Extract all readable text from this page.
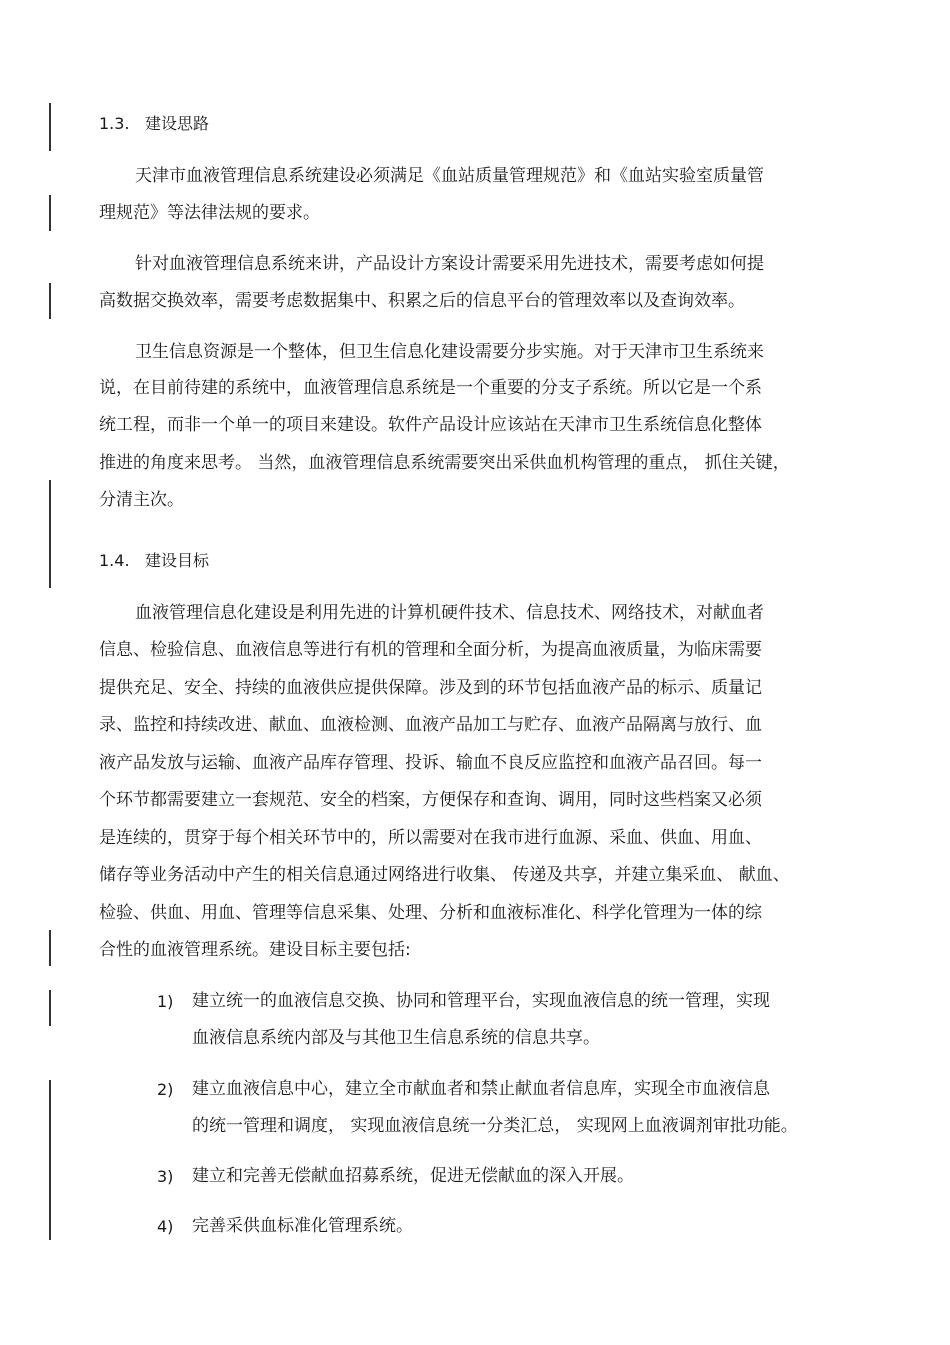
1.3. 建设思路
天津市血液管理信息系统建设必须满足《血站质量管理规范》和《血站实验室质量管
理规范》等法律法规的要求。
针对血液管理信息系统来讲，产品设计方案设计需要采用先进技术，需要考虑如何提
高数据交换效率，需要考虑数据集中、积累之后的信息平台的管理效率以及查询效率。
卫生信息资源是一个整体，但卫生信息化建设需要分步实施。对于天津市卫生系统来
说，在目前待建的系统中，血液管理信息系统是一个重要的分支子系统。所以它是一个系
统工程，而非一个单一的项目来建设。软件产品设计应该站在天津市卫生系统信息化整体
推进的角度来思考。 当然，血液管理信息系统需要突出采供血机构管理的重点， 抓住关键，
分清主次。
1.4. 建设目标
血液管理信息化建设是利用先进的计算机硬件技术、信息技术、网络技术，对献血者
信息、检验信息、血液信息等进行有机的管理和全面分析，为提高血液质量，为临床需要
提供充足、安全、持续的血液供应提供保障。涉及到的环节包括血液产品的标示、质量记
录、监控和持续改进、献血、血液检测、血液产品加工与贮存、血液产品隔离与放行、血
液产品发放与运输、血液产品库存管理、投诉、输血不良反应监控和血液产品召回。每一
个环节都需要建立一套规范、安全的档案，方便保存和查询、调用，同时这些档案又必须
是连续的，贯穿于每个相关环节中的，所以需要对在我市进行血源、采血、供血、用血、
储存等业务活动中产生的相关信息通过网络进行收集、 传递及共享，并建立集采血、 献血、
检验、供血、用血、管理等信息采集、处理、分析和血液标准化、科学化管理为一体的综
合性的血液管理系统。建设目标主要包括:
1) 建立统一的血液信息交换、协同和管理平台，实现血液信息的统一管理，实现
血液信息系统内部及与其他卫生信息系统的信息共享。
2) 建立血液信息中心，建立全市献血者和禁止献血者信息库，实现全市血液信息
的统一管理和调度， 实现血液信息统一分类汇总， 实现网上血液调剂审批功能。
3) 建立和完善无偿献血招募系统，促进无偿献血的深入开展。
4) 完善采供血标准化管理系统。
